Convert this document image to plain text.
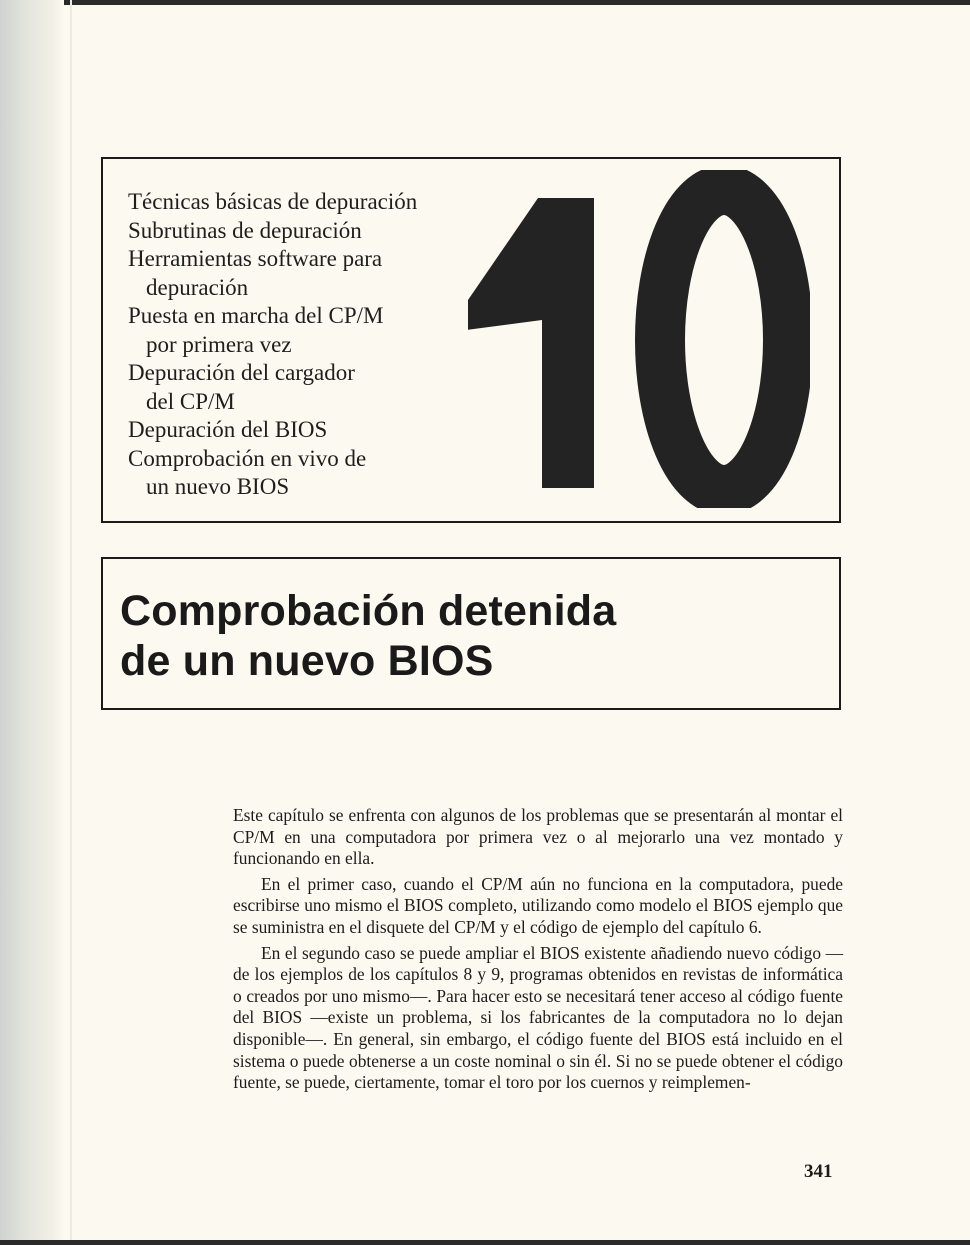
Técnicas básicas de depuración
Subrutinas de depuración
Herramientas software para
depuración
Puesta en marcha del CP/M
por primera vez
Depuración del cargador
del CP/M
Depuración del BIOS
Comprobación en vivo de
un nuevo BIOS
Comprobación detenida
de un nuevo BIOS

Este capítulo se enfrenta con algunos de los problemas que se presentarán al montar el CP/M en una computadora por primera vez o al mejorarlo una vez montado y funcionando en ella.

En el primer caso, cuando el CP/M aún no funciona en la computadora, puede escribirse uno mismo el BIOS completo, utilizando como modelo el BIOS ejemplo que se suministra en el disquete del CP/M y el código de ejemplo del capítulo 6.

En el segundo caso se puede ampliar el BIOS existente añadiendo nuevo código —de los ejemplos de los capítulos 8 y 9, programas obtenidos en revistas de informática o creados por uno mismo—. Para hacer esto se necesitará tener acceso al código fuente del BIOS —existe un problema, si los fabricantes de la computadora no lo dejan disponible—. En general, sin embargo, el código fuente del BIOS está incluido en el sistema o puede obtenerse a un coste nominal o sin él. Si no se puede obtener el código fuente, se puede, ciertamente, tomar el toro por los cuernos y reimplemen-

341
